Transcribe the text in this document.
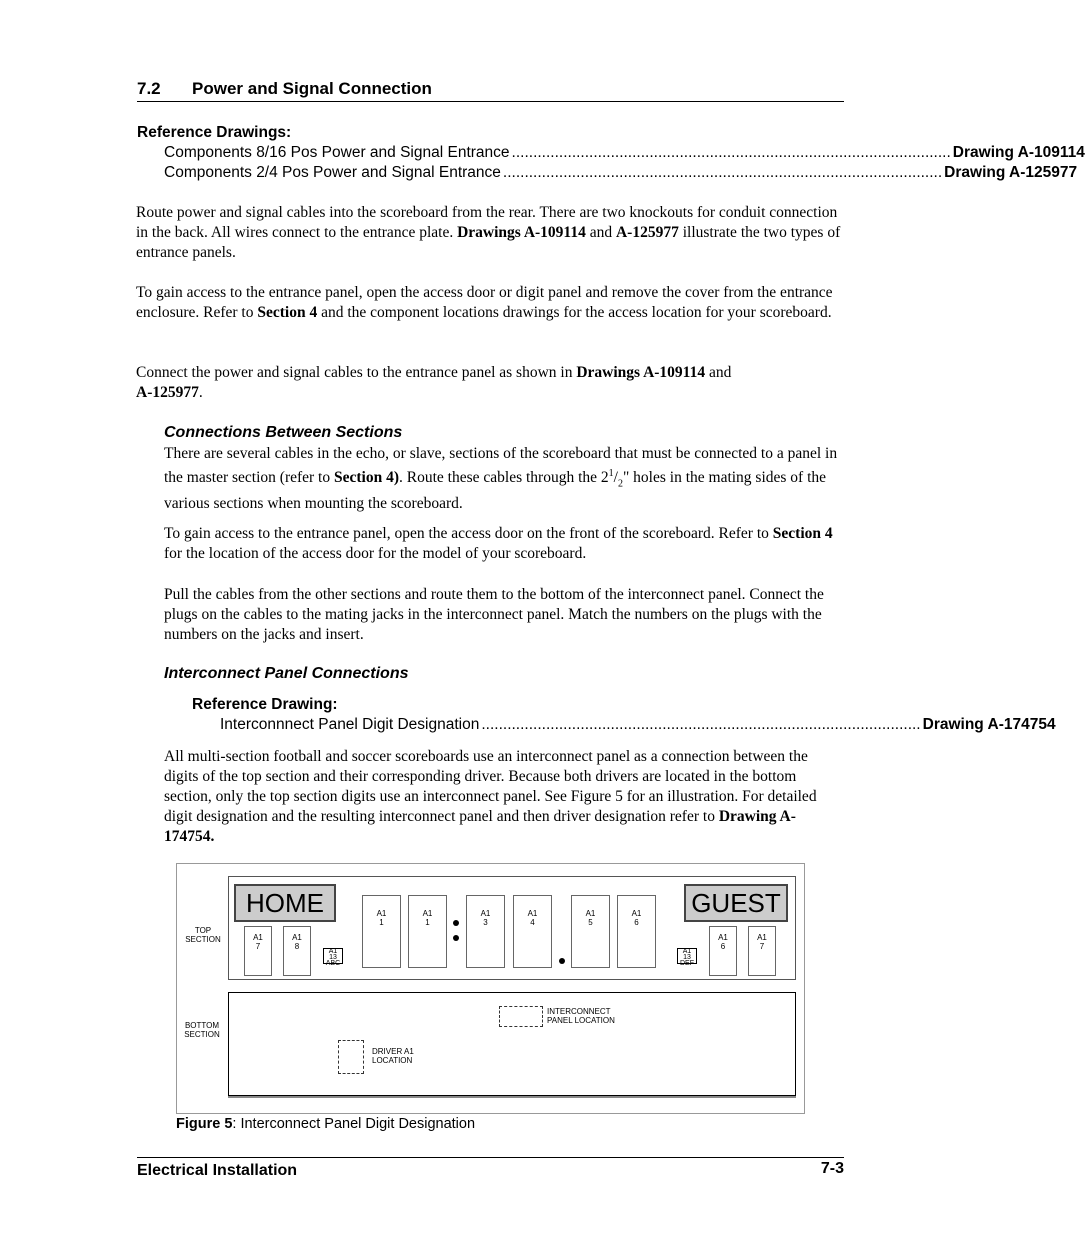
7.2 Power and Signal Connection
Reference Drawings:
Components 8/16 Pos Power and Signal Entrance ...................................................................................................... Drawing A-109114
Components 2/4 Pos Power and Signal Entrance ...................................................................................................... Drawing A-125977
Route power and signal cables into the scoreboard from the rear. There are two knockouts for conduit connection in the back. All wires connect to the entrance plate. Drawings A-109114 and A-125977 illustrate the two types of entrance panels.
To gain access to the entrance panel, open the access door or digit panel and remove the cover from the entrance enclosure. Refer to Section 4 and the component locations drawings for the access location for your scoreboard.
Connect the power and signal cables to the entrance panel as shown in Drawings A-109114 and
A-125977.
Connections Between Sections
There are several cables in the echo, or slave, sections of the scoreboard that must be connected to a panel in the master section (refer to Section 4). Route these cables through the $2^1/_2$" holes in the mating sides of the various sections when mounting the scoreboard.
To gain access to the entrance panel, open the access door on the front of the scoreboard. Refer to Section 4 for the location of the access door for the model of your scoreboard.
Pull the cables from the other sections and route them to the bottom of the interconnect panel. Connect the plugs on the cables to the mating jacks in the interconnect panel. Match the numbers on the plugs with the numbers on the jacks and insert.
Interconnect Panel Connections
Reference Drawing:
Interconnnect Panel Digit Designation ...................................................................................................... Drawing A-174754
All multi-section football and soccer scoreboards use an interconnect panel as a connection between the digits of the top section and their corresponding driver. Because both drivers are located in the bottom section, only the top section digits use an interconnect panel. See Figure 5 for an illustration. For detailed digit designation and the resulting interconnect panel and then driver designation refer to Drawing A-174754.
HOME	GUEST
TOP
SECTION
BOTTOM
SECTION
A1
7
A1
8
A1
13
ABC
A1
1
A1
1
A1
3
A1
4
A1
5
A1
6
A1
13
DEF
A1
6
A1
7
INTERCONNECT
PANEL LOCATION
DRIVER A1
LOCATION
Figure 5: Interconnect Panel Digit Designation
Electrical Installation	7-3
